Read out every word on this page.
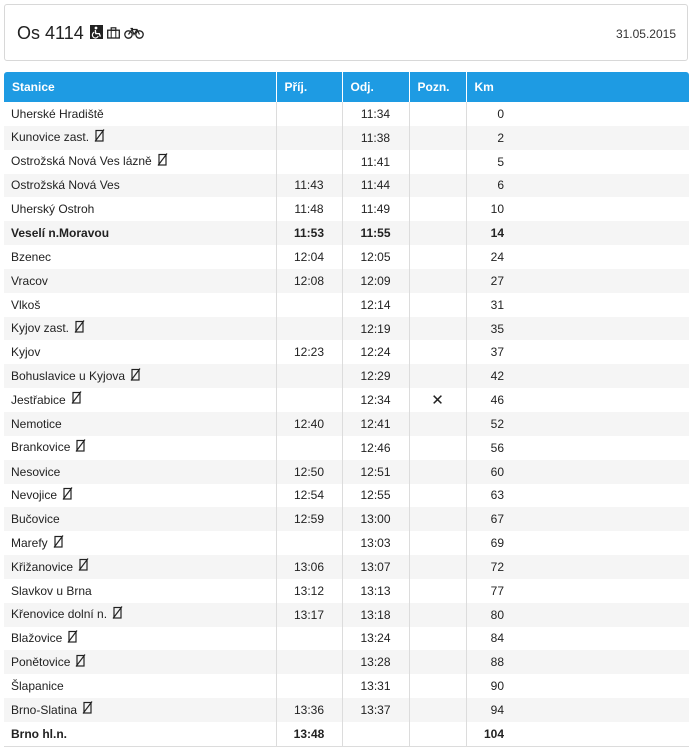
Os 4114	31.05.2015
Stanice	Příj.	Odj.	Pozn.	Km
Uherské Hradiště		11:34		0
Kunovice zast.		11:38		2
Ostrožská Nová Ves lázně		11:41		5
Ostrožská Nová Ves	11:43	11:44		6
Uherský Ostroh	11:48	11:49		10
Veselí n.Moravou	11:53	11:55		14
Bzenec	12:04	12:05		24
Vracov	12:08	12:09		27
Vlkoš		12:14		31
Kyjov zast.		12:19		35
Kyjov	12:23	12:24		37
Bohuslavice u Kyjova		12:29		42
Jestřabice		12:34	✕	46
Nemotice	12:40	12:41		52
Brankovice		12:46		56
Nesovice	12:50	12:51		60
Nevojice	12:54	12:55		63
Bučovice	12:59	13:00		67
Marefy		13:03		69
Křižanovice	13:06	13:07		72
Slavkov u Brna	13:12	13:13		77
Křenovice dolní n.	13:17	13:18		80
Blažovice		13:24		84
Ponětovice		13:28		88
Šlapanice		13:31		90
Brno-Slatina	13:36	13:37		94
Brno hl.n.	13:48			104
